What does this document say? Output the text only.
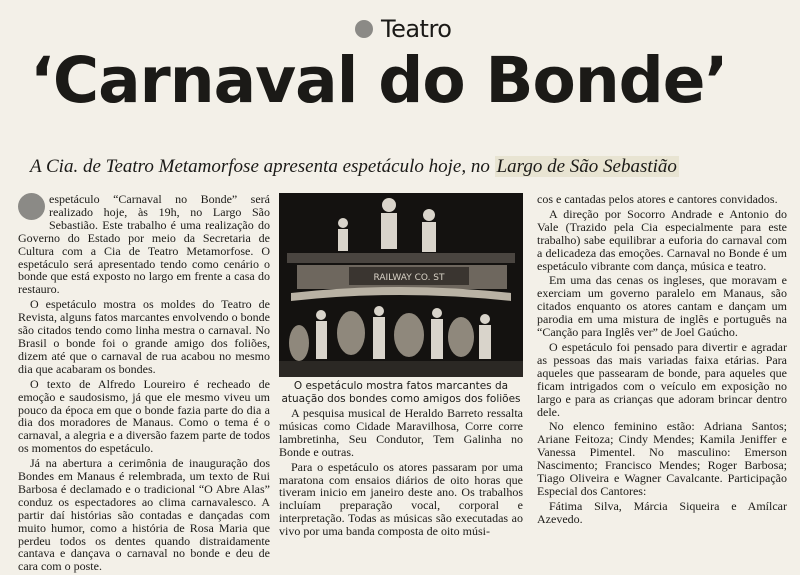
Teatro
‘Carnaval do Bonde’
A Cia. de Teatro Metamorfose apresenta espetáculo hoje, no Largo de São Sebastião

espetáculo “Carnaval no Bonde” será realizado hoje, às 19h, no Largo São Sebastião. Este trabalho é uma realização do Governo do Estado por meio da Secretaria de Cultura com a Cia de Teatro Metamorfose. O espetáculo será apresentado tendo como cenário o bonde que está exposto no largo em frente a casa do restauro.

O espetáculo mostra os moldes do Teatro de Revista, alguns fatos marcantes envolvendo o bonde são citados tendo como linha mestra o carnaval. No Brasil o bonde foi o grande amigo dos foliões, dizem até que o carnaval de rua acabou no mesmo dia que acabaram os bondes.

O texto de Alfredo Loureiro é recheado de emoção e saudosismo, já que ele mesmo viveu um pouco da época em que o bonde fazia parte do dia a dia dos moradores de Manaus. Como o tema é o carnaval, a alegria e a diversão fazem parte de todos os momentos do espetáculo.

Já na abertura a cerimônia de inauguração dos Bondes em Manaus é relembrada, um texto de Rui Barbosa é declamado e o tradicional “O Abre Alas” conduz os espectadores ao clima carnavalesco. A partir daí histórias são contadas e dançadas com muito humor, como a história de Rosa Maria que perdeu todos os dentes quando distraidamente cantava e dançava o carnaval no bonde e deu de cara com o poste.

RAILWAY CO. ST
O espetáculo mostra fatos marcantes da atuação dos bondes como amigos dos foliões

A pesquisa musical de Heraldo Barreto ressalta músicas como Cidade Maravilhosa, Corre corre lambretinha, Seu Condutor, Tem Galinha no Bonde e outras.

Para o espetáculo os atores passaram por uma maratona com ensaios diários de oito horas que tiveram inicio em janeiro deste ano. Os trabalhos incluíam preparação vocal, corporal e interpretação. Todas as músicas são executadas ao vivo por uma banda composta de oito músi-

cos e cantadas pelos atores e cantores convidados.

A direção por Socorro Andrade e Antonio do Vale (Trazido pela Cia especialmente para este trabalho) sabe equilibrar a euforia do carnaval com a delicadeza das emoções. Carnaval no Bonde é um espetáculo vibrante com dança, música e teatro.

Em uma das cenas os ingleses, que moravam e exerciam um governo paralelo em Manaus, são citados enquanto os atores cantam e dançam um parodia em uma mistura de inglês e português na “Canção para Inglês ver” de Joel Gaúcho.

O espetáculo foi pensado para divertir e agradar as pessoas das mais variadas faixa etárias. Para aqueles que passearam de bonde, para aqueles que ficam intrigados com o veículo em exposição no largo e para as crianças que adoram brincar dentro dele.

No elenco feminino estão: Adriana Santos; Ariane Feitoza; Cindy Mendes; Kamila Jeniffer e Vanessa Pimentel. No masculino: Emerson Nascimento; Francisco Mendes; Roger Barbosa; Tiago Oliveira e Wagner Cavalcante. Participação Especial dos Cantores:

Fátima Silva, Márcia Siqueira e Amílcar Azevedo.
